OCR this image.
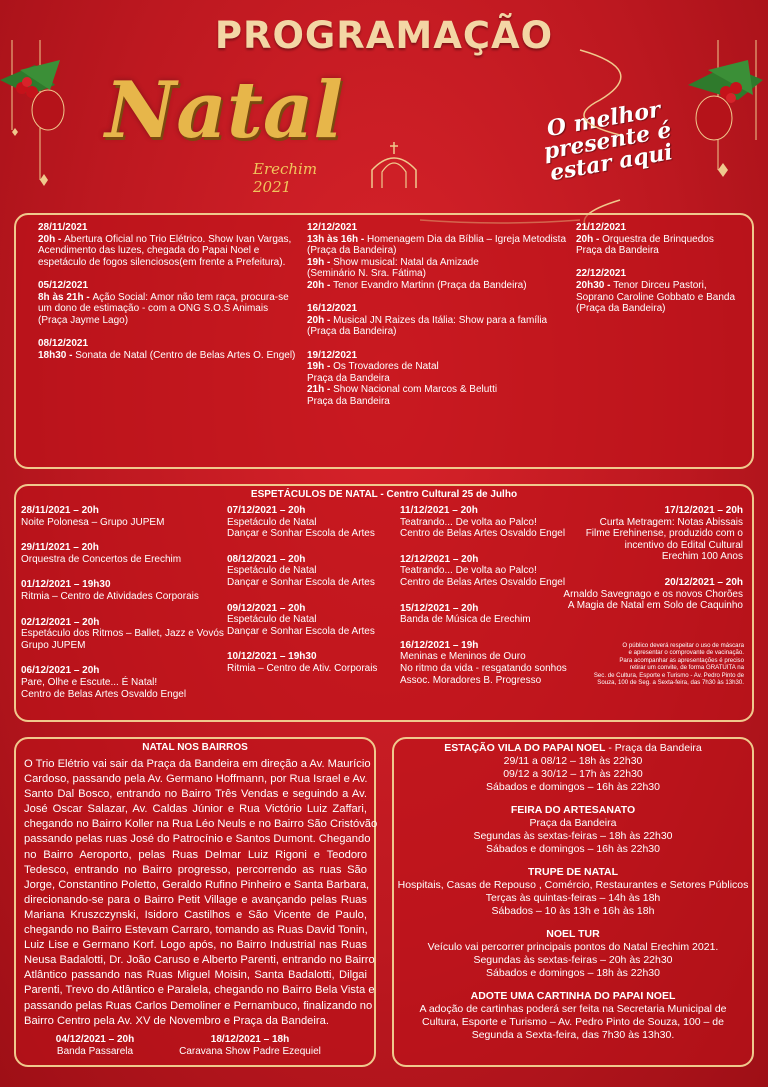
PROGRAMAÇÃO
Natal
Erechim 2021
O melhor presente é estar aqui
28/11/2021
20h - Abertura Oficial no Trio Elétrico. Show Ivan Vargas,
Acendimento das luzes, chegada do Papai Noel e
espetáculo de fogos silenciosos(em frente a Prefeitura).
05/12/2021
8h às 21h - Ação Social: Amor não tem raça, procura-se
um dono de estimação - com a ONG S.O.S Animais
(Praça Jayme Lago)
08/12/2021
18h30 - Sonata de Natal (Centro de Belas Artes O. Engel)
12/12/2021
13h às 16h - Homenagem Dia da Bíblia – Igreja Metodista
(Praça da Bandeira)
19h - Show musical: Natal da Amizade
(Seminário N. Sra. Fátima)
20h - Tenor Evandro Martinn (Praça da Bandeira)
16/12/2021
20h - Musical JN Raizes da Itália: Show para a família
(Praça da Bandeira)
19/12/2021
19h - Os Trovadores de Natal
Praça da Bandeira
21h - Show Nacional com Marcos & Belutti
Praça da Bandeira
21/12/2021
20h - Orquestra de Brinquedos
Praça da Bandeira
22/12/2021
20h30 - Tenor Dirceu Pastori,
Soprano Caroline Gobbato e Banda
(Praça da Bandeira)
ESPETÁCULOS DE NATAL - Centro Cultural 25 de Julho
28/11/2021 – 20h
Noite Polonesa – Grupo JUPEM
29/11/2021 – 20h
Orquestra de Concertos de Erechim
01/12/2021 – 19h30
Ritmia – Centro de Atividades Corporais
02/12/2021 – 20h
Espetáculo dos Ritmos – Ballet, Jazz e Vovós
Grupo JUPEM
06/12/2021 – 20h
Pare, Olhe e Escute... É Natal!
Centro de Belas Artes Osvaldo Engel
07/12/2021 – 20h
Espetáculo de Natal
Dançar e Sonhar Escola de Artes
08/12/2021 – 20h
Espetáculo de Natal
Dançar e Sonhar Escola de Artes
09/12/2021 – 20h
Espetáculo de Natal
Dançar e Sonhar Escola de Artes
10/12/2021 – 19h30
Ritmia – Centro de Ativ. Corporais
11/12/2021 – 20h
Teatrando... De volta ao Palco!
Centro de Belas Artes Osvaldo Engel
12/12/2021 – 20h
Teatrando... De volta ao Palco!
Centro de Belas Artes Osvaldo Engel
15/12/2021 – 20h
Banda de Música de Erechim
16/12/2021 – 19h
Meninas e Meninos de Ouro
No ritmo da vida - resgatando sonhos
Assoc. Moradores B. Progresso
17/12/2021 – 20h
Curta Metragem: Notas Abissais
Filme Erehinense, produzido com o
incentivo do Edital Cultural
Erechim 100 Anos
20/12/2021 – 20h
Arnaldo Savegnago e os novos Chorões
A Magia de Natal em Solo de Caquinho
O público deverá respeitar o uso de máscara
e apresentar o comprovante de vacinação.
Para acompanhar as apresentações é preciso
retirar um convite, de forma GRATUITA na
Sec. de Cultura, Esporte e Turismo - Av. Pedro Pinto de
Souza, 100 de Seg. a Sexta-feira, das 7h30 às 13h30.
NATAL NOS BAIRROS
O Trio Elétrio vai sair da Praça da Bandeira em direção a Av. Maurício
Cardoso, passando pela Av. Germano Hoffmann, por Rua Israel e Av.
Santo Dal Bosco, entrando no Bairro Três Vendas e seguindo a Av.
José Oscar Salazar, Av. Caldas Júnior e Rua Victório Luiz Zaffari,
chegando no Bairro Koller na Rua Léo Neuls e no Bairro São Cristóvão
passando pelas ruas José do Patrocínio e Santos Dumont. Chegando
no Bairro Aeroporto, pelas Ruas Delmar Luiz Rigoni e Teodoro
Tedesco, entrando no Bairro progresso, percorrendo as ruas São
Jorge, Constantino Poletto, Geraldo Rufino Pinheiro e Santa Barbara,
direcionando-se para o Bairro Petit Village e avançando pelas Ruas
Mariana Kruszczynski, Isidoro Castilhos e São Vicente de Paulo,
chegando no Bairro Estevam Carraro, tomando as Ruas David Tonin,
Luiz Lise e Germano Korf. Logo após, no Bairro Industrial nas Ruas
Neusa Badalotti, Dr. João Caruso e Alberto Parenti, entrando no Bairro
Atlântico passando nas Ruas Miguel Moisin, Santa Badalotti, Dilgai
Parenti, Trevo do Atlântico e Paralela, chegando no Bairro Bela Vista e
passando pelas Ruas Carlos Demoliner e Pernambuco, finalizando no
Bairro Centro pela Av. XV de Novembro e Praça da Bandeira.
04/12/2021 – 20h
Banda Passarela
18/12/2021 – 18h
Caravana Show Padre Ezequiel
ESTAÇÃO VILA DO PAPAI NOEL - Praça da Bandeira
29/11 a 08/12 – 18h às 22h30
09/12 a 30/12 – 17h às 22h30
Sábados e domingos – 16h às 22h30
FEIRA DO ARTESANATO
Praça da Bandeira
Segundas às sextas-feiras – 18h às 22h30
Sábados e domingos – 16h às 22h30
TRUPE DE NATAL
Hospitais, Casas de Repouso , Comércio, Restaurantes e Setores Públicos
Terças às quintas-feiras – 14h às 18h
Sábados – 10 às 13h e 16h às 18h
NOEL TUR
Veículo vai percorrer principais pontos do Natal Erechim 2021.
Segundas às sextas-feiras – 20h às 22h30
Sábados e domingos – 18h às 22h30
ADOTE UMA CARTINHA DO PAPAI NOEL
A adoção de cartinhas poderá ser feita na Secretaria Municipal de
Cultura, Esporte e Turismo – Av. Pedro Pinto de Souza, 100 – de
Segunda a Sexta-feira, das 7h30 às 13h30.
